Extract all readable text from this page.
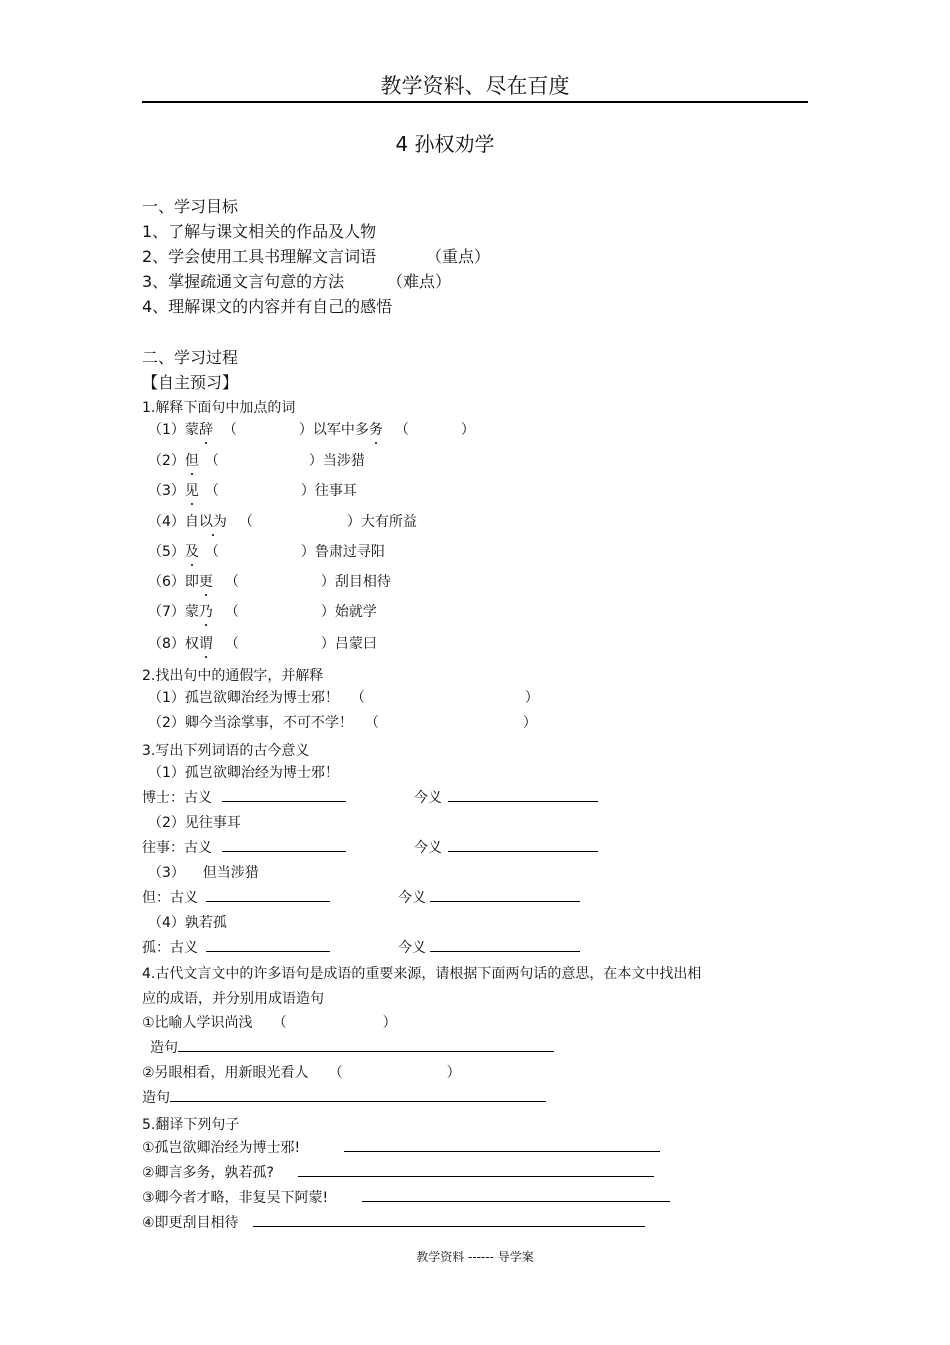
教学资料、尽在百度
4 孙权劝学
一、学习目标
1、了解与课文相关的作品及人物
2、学会使用工具书理解文言词语	（重点）
3、掌握疏通文言句意的方法	（难点）
4、理解课文的内容并有自己的感悟
二、学习过程
【自主预习】
1.解释下面句中加点的词
（1）蒙辞 （	）以军中多务 （	）
（2）但 （	）当涉猎
（3）见 （	）往事耳
（4）自以为 （	）大有所益
（5）及 （	）鲁肃过寻阳
（6）即更 （	）刮目相待
（7）蒙乃 （	）始就学
（8）权谓 （	）吕蒙曰
2.找出句中的通假字，并解释
（1）孤岂欲卿治经为博士邪！ （	）
（2）卿今当涂掌事，不可不学！ （	）
3.写出下列词语的古今意义
（1）孤岂欲卿治经为博士邪！
博士：古义	今义
（2）见往事耳
往事：古义	今义
（3）    但当涉猎
但：古义	今义
（4）孰若孤
孤：古义	今义
4.古代文言文中的许多语句是成语的重要来源，请根据下面两句话的意思，在本文中找出相
应的成语，并分别用成语造句
①比喻人学识尚浅 （	）
造句
②另眼相看，用新眼光看人 （	）
造句
5.翻译下列句子
①孤岂欲卿治经为博士邪!
②卿言多务，孰若孤?
③卿今者才略，非复吴下阿蒙!
④即更刮目相待
教学资料 ------ 导学案
